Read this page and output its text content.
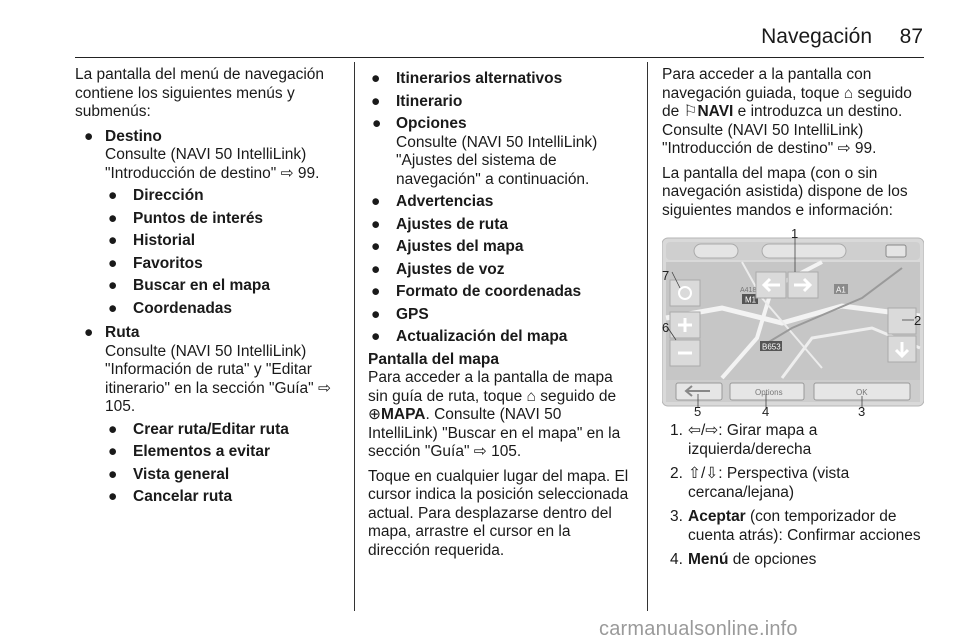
Navegación 87

La pantalla del menú de navegación contiene los siguientes menús y submenús:

● Destino
Consulte (NAVI 50 IntelliLink) "Introducción de destino" ⇨ 99.
● Dirección
● Puntos de interés
● Historial
● Favoritos
● Buscar en el mapa
● Coordenadas
● Ruta
Consulte (NAVI 50 IntelliLink) "Información de ruta" y "Editar itinerario" en la sección "Guía" ⇨ 105.
● Crear ruta/Editar ruta
● Elementos a evitar
● Vista general
● Cancelar ruta
● Itinerarios alternativos
● Itinerario
● Opciones
Consulte (NAVI 50 IntelliLink) "Ajustes del sistema de navegación" a continuación.
● Advertencias
● Ajustes de ruta
● Ajustes del mapa
● Ajustes de voz
● Formato de coordenadas
● GPS
● Actualización del mapa
Pantalla del mapa

Para acceder a la pantalla de mapa sin guía de ruta, toque ⌂ seguido de ⊕MAPA. Consulte (NAVI 50 IntelliLink) "Buscar en el mapa" en la sección "Guía" ⇨ 105.

Toque en cualquier lugar del mapa. El cursor indica la posición seleccionada actual. Para desplazarse dentro del mapa, arrastre el cursor en la dirección requerida.

Para acceder a la pantalla con navegación guiada, toque ⌂ seguido de ⚐NAVI e introduzca un destino. Consulte (NAVI 50 IntelliLink) "Introducción de destino" ⇨ 99.

La pantalla del mapa (con o sin navegación asistida) dispone de los siguientes mandos e información:

M1
B653
A1
A418
Options	OK
1
2
3
4
5
6
7
1. ⇦/⇨: Girar mapa a izquierda/derecha
2. ⇧/⇩: Perspectiva (vista cercana/lejana)
3. Aceptar (con temporizador de cuenta atrás): Confirmar acciones
4. Menú de opciones
carmanualsonline.info
